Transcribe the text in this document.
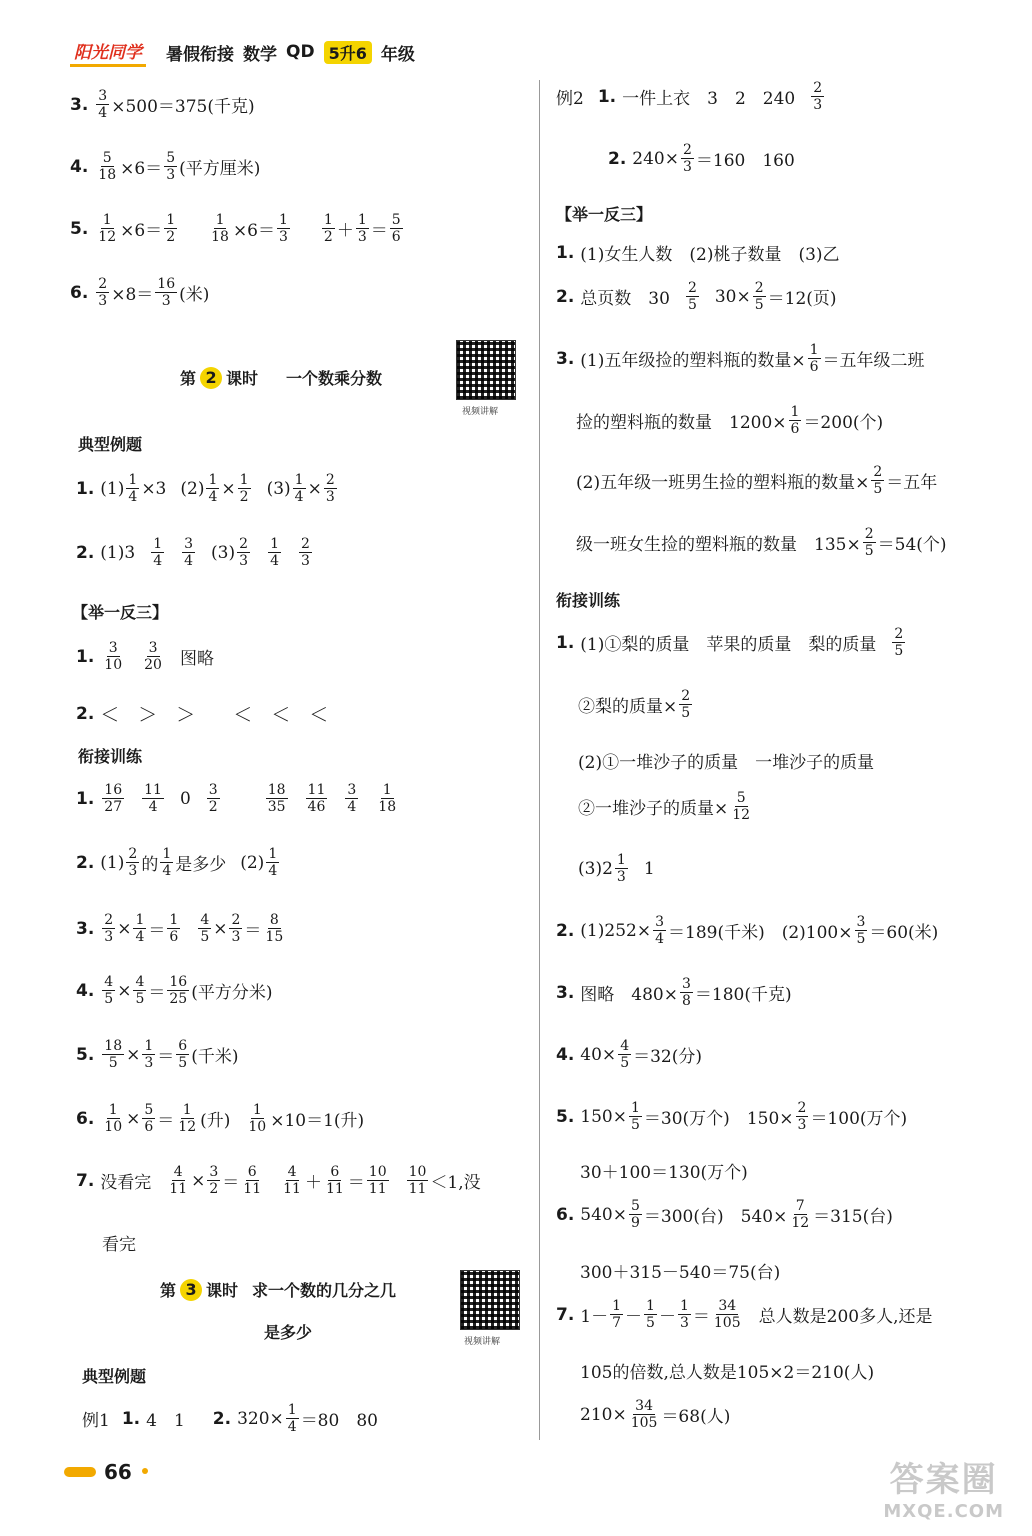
阳光同学 暑假衔接 数学 QD 5升6 年级
3. $\frac{3}{4} \times 500=375$(千克)
4. $\frac{5}{18} \times 6=$
5
3 (平方厘米)
5. $\frac{1}{12} \times 6=$
1
$2 \frac{1}{18} \times 6=$
1
3
1
2 ＋
1
3 ＝
5
6
6. $\frac{2}{3} \times 8=$
16
3 (米)
第 2 课时 一个数乘分数
视频讲解
典型例题
1. $(1) \frac{1}{4} \times 3$ $(2) \frac{1}{4} \times \frac{1}{2} (3) \frac{1}{4} \times \frac{2}{3}$
2. (1)3 1
4
3
4 (3) 2
3
1
4
2
3
【举一反三】
1. 3
10
3
20 图略
2. ＜　＞　＞　　＜　＜　＜
衔接训练
1. 16
27
11
4 0 3
2
18
35
11
46
3
4
1
18
2. (1) 2
3 的
1
4 是多少 (2) 1
4
3. $\frac{2}{3} \times \frac{1}{4}$ ＝
1
$6 \frac{4}{5} \times \frac{2}{3}$ ＝
8
15
4. $\frac{4}{5} \times \frac{4}{5}$ ＝
16
25 (平方分米)
5. $\frac{18}{5} \times \frac{1}{3}$ ＝
6
5 (千米)
6. $\frac{1}{10} \times \frac{5}{6}$ ＝
1
12 (升) $\frac{1}{10} \times 10=1$(升)
7. 没看完 $\frac{4}{11} \times \frac{3}{2}$ ＝
6
11
4
11 ＋
6
11 ＝
10
11
10
11 ＜1,没
看完
第 3 课时 求一个数的几分之几
是多少	视频讲解
典型例题
例1 1. 4　1 2. $320\times \frac{1}{4} =80$　80
例2 1. 一件上衣　3　2　240
2
3
2. $240\times \frac{2}{3} =160$　160
【举一反三】
1. (1)女生人数　(2)桃子数量　(3)乙
2. 总页数　30
2
5 $30\times \frac{2}{5} =12$(页)
3. (1)五年级捡的塑料瓶的数量× $\frac{1}{6}$ ＝五年级二班
捡的塑料瓶的数量　$1200\times \frac{1}{6} =200$(个)
(2)五年级一班男生捡的塑料瓶的数量× $\frac{2}{5}$ ＝五年
级一班女生捡的塑料瓶的数量　$135\times \frac{2}{5} =54$(个)
衔接训练
1. (1)①梨的质量　苹果的质量　梨的质量
2
5
②梨的质量× $\frac{2}{5}$
(2)①一堆沙子的质量　一堆沙子的质量
②一堆沙子的质量× $\frac{5}{12}$
(3)2 1
3 1
2. $(1)252\times \frac{3}{4} =189$(千米)　$(2)100\times \frac{3}{5} =60$(米)
3. 图略　$480\times \frac{3}{8} =180$(千克)
4. $40\times \frac{4}{5} =32$(分)
5. $150\times \frac{1}{5} =30$(万个)　$150\times \frac{2}{3} =100$(万个)
30＋100＝130(万个)
6. $540\times \frac{5}{9} =300$(台)　$540\times \frac{7}{12} =315$(台)
300＋315－540＝75(台)
7. 1－
1
7 －
1
5 －
1
3 ＝
34
105 总人数是200多人,还是
105的倍数,总人数是105×2＝210(人)
$210\times \frac{34}{105} =68$(人)
66	答案圈
MXQE.COM
